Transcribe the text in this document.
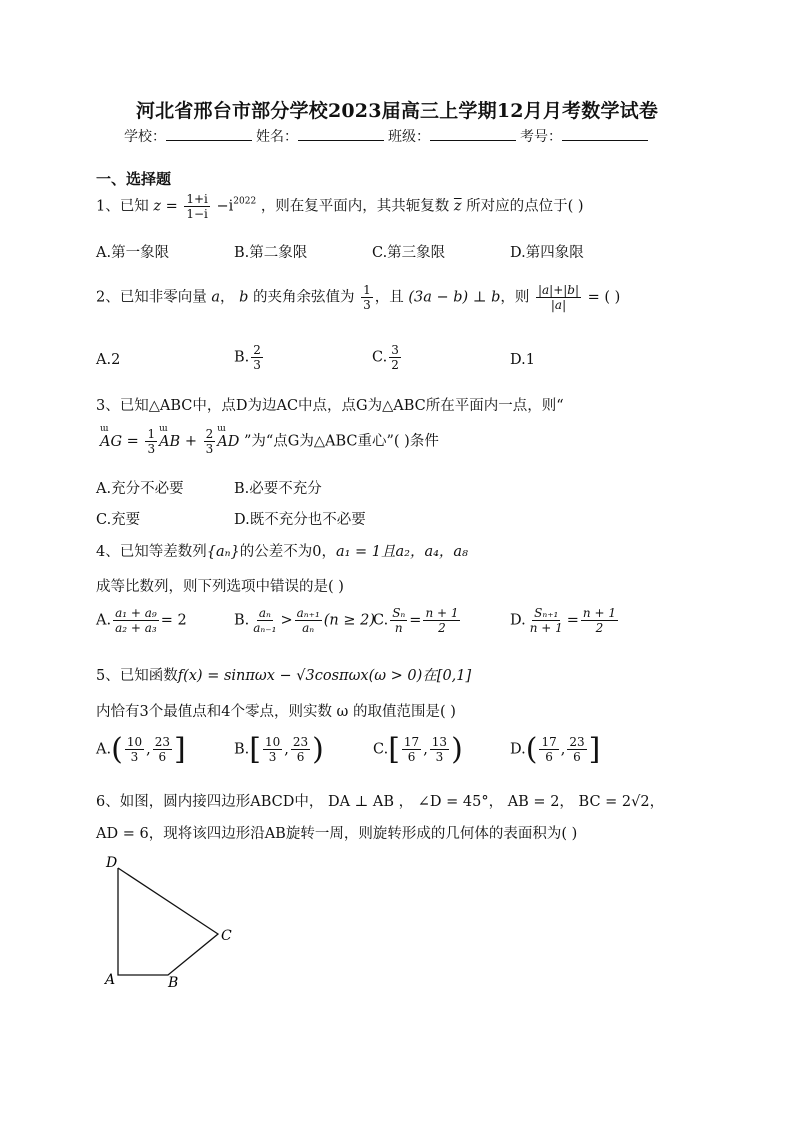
河北省邢台市部分学校2023届高三上学期12月月考数学试卷
学校：	姓名：	班级：	考号：
一、选择题
1、已知 $z = \frac{1+i}{1-i} -i^{2022}$ ，则在复平面内，其共轭复数 $\overline{z}$ 所对应的点位于( )
A.第一象限	B.第二象限	C.第三象限	D.第四象限
2、已知非零向量 a， b 的夹角余弦值为 $\frac{1}{3}$ ，且 (3a − b) ⊥ b，则 $\frac{|a|+|b|}{|a|}$ = ( )
A.2	B. $\frac{2}{3}$	C. $\frac{3}{2}$	D.1
3、已知△ABC中，点D为边AC中点，点G为△ABC所在平面内一点，则“
ɯ AG = $\frac{1}{3}$ ɯ AB + $\frac{2}{3}$ ɯ AD ”为“点G为△ABC重心”( )条件
A.充分不必要	B.必要不充分
C.充要	D.既不充分也不必要
4、已知等差数列{aₙ}的公差不为0，a₁ = 1且a₂，a₄，a₈
成等比数列，则下列选项中错误的是( )
A. $\frac{\text{a₁ + a₉}}{\text{a₂ + a₃}} = 2$	B. $\frac{\text{aₙ}}{\text{aₙ₋₁}} > \frac{\text{aₙ₊₁}}{\text{aₙ}} (n \ge 2)$
C. $\frac{\text{Sₙ}}{n} = \frac{n + 1}{2}$	D. $\frac{\text{Sₙ₊₁}}{n + 1} = \frac{n + 1}{2}$
5、已知函数f(x) = sinπωx − √3cosπωx(ω > 0)在[0,1]
内恰有3个最值点和4个零点，则实数 ω 的取值范围是( )
$A.( \frac{10}{3}$ , $\frac{23}{6}$ ]	$B.[ \frac{10}{3}$ , $\frac{23}{6}$ )	$C.[ \frac{17}{6}$ , $\frac{13}{3}$ )	$D.( \frac{17}{6}$ , $\frac{23}{6}$ ]
6、如图，圆内接四边形ABCD中， DA ⊥ AB ， ∠D = 45°， AB = 2， BC = 2√2，
AD = 6，现将该四边形沿AB旋转一周，则旋转形成的几何体的表面积为( )
D
A	B
C
